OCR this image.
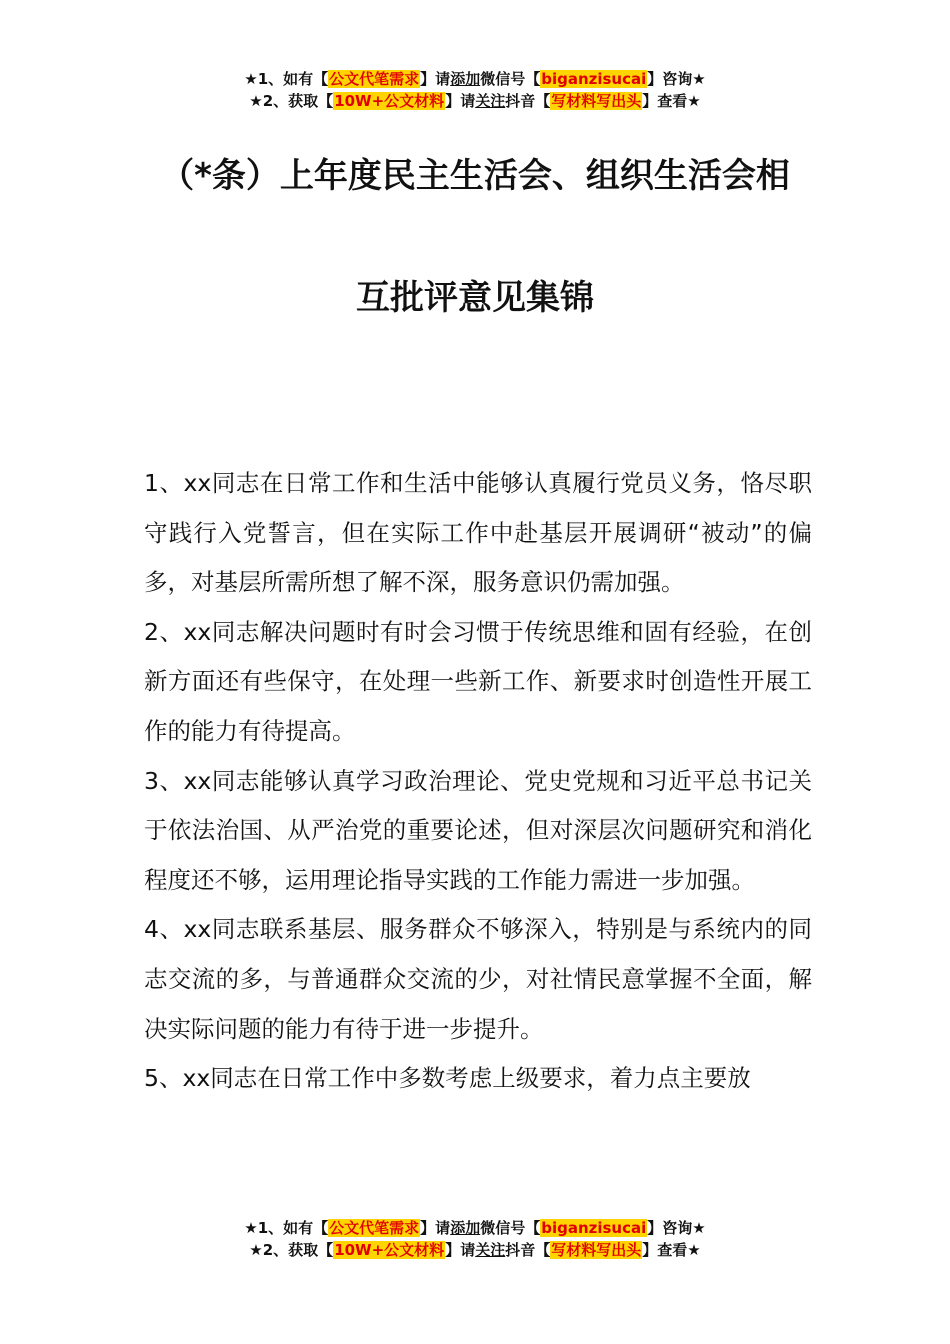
★1、如有【公文代笔需求】请添加微信号【biganzisucai】咨询★
★2、获取【10W+公文材料】请关注抖音【写材料写出头】查看★
（*条）上年度民主生活会、组织生活会相
互批评意见集锦

1、xx同志在日常工作和生活中能够认真履行党员义务，恪尽职守践行入党誓言，但在实际工作中赴基层开展调研“被动”的偏多，对基层所需所想了解不深，服务意识仍需加强。

2、xx同志解决问题时有时会习惯于传统思维和固有经验，在创新方面还有些保守，在处理一些新工作、新要求时创造性开展工作的能力有待提高。

3、xx同志能够认真学习政治理论、党史党规和习近平总书记关于依法治国、从严治党的重要论述，但对深层次问题研究和消化程度还不够，运用理论指导实践的工作能力需进一步加强。

4、xx同志联系基层、服务群众不够深入，特别是与系统内的同志交流的多，与普通群众交流的少，对社情民意掌握不全面，解决实际问题的能力有待于进一步提升。

5、xx同志在日常工作中多数考虑上级要求，着力点主要放

★1、如有【公文代笔需求】请添加微信号【biganzisucai】咨询★
★2、获取【10W+公文材料】请关注抖音【写材料写出头】查看★
